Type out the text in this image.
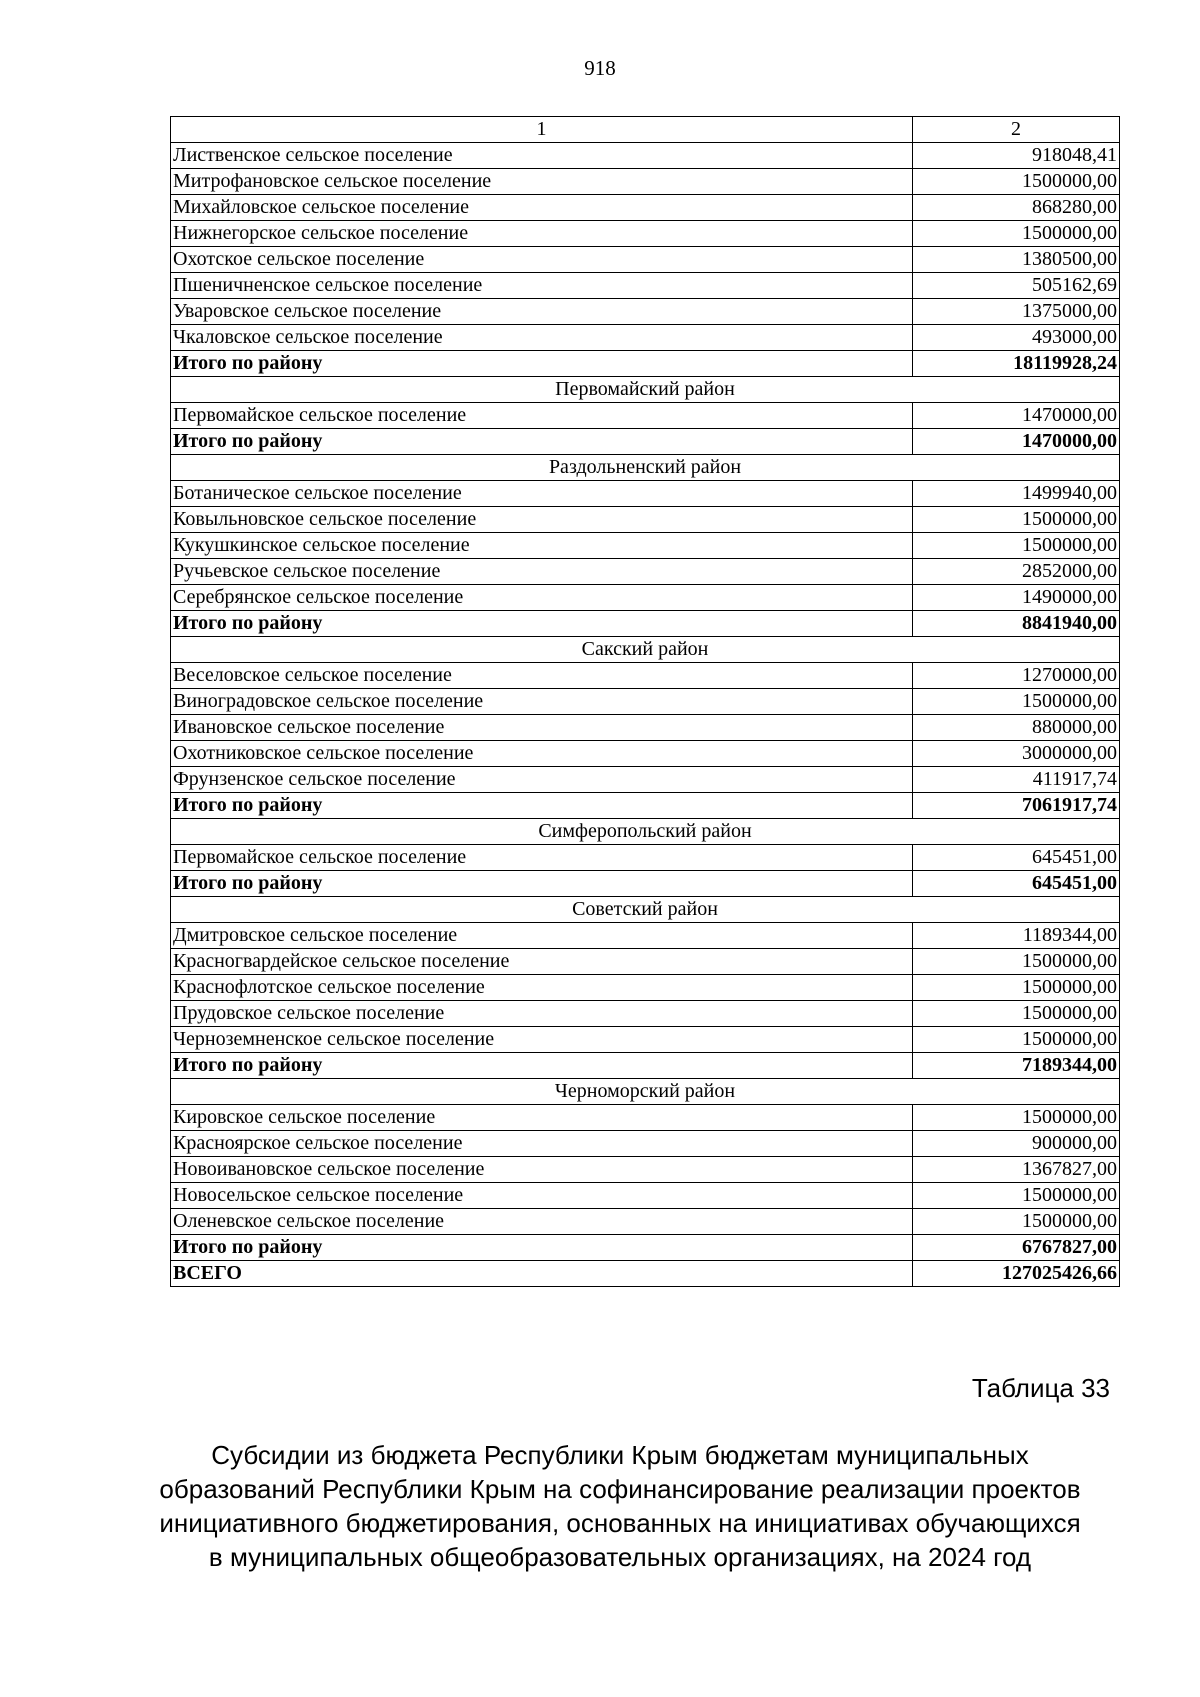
918
1	2
Лиственское сельское поселение	918048,41
Митрофановское сельское поселение	1500000,00
Михайловское сельское поселение	868280,00
Нижнегорское сельское поселение	1500000,00
Охотское сельское поселение	1380500,00
Пшеничненское сельское поселение	505162,69
Уваровское сельское поселение	1375000,00
Чкаловское сельское поселение	493000,00
Итого по району	18119928,24
Первомайский район	
Первомайское сельское поселение	1470000,00
Итого по району	1470000,00
Раздольненский район	
Ботаническое сельское поселение	1499940,00
Ковыльновское сельское поселение	1500000,00
Кукушкинское сельское поселение	1500000,00
Ручьевское сельское поселение	2852000,00
Серебрянское сельское поселение	1490000,00
Итого по району	8841940,00
Сакский район	
Веселовское сельское поселение	1270000,00
Виноградовское сельское поселение	1500000,00
Ивановское сельское поселение	880000,00
Охотниковское сельское поселение	3000000,00
Фрунзенское сельское поселение	411917,74
Итого по району	7061917,74
Симферопольский район	
Первомайское сельское поселение	645451,00
Итого по району	645451,00
Советский район	
Дмитровское сельское поселение	1189344,00
Красногвардейское сельское поселение	1500000,00
Краснофлотское сельское поселение	1500000,00
Прудовское сельское поселение	1500000,00
Черноземненское сельское поселение	1500000,00
Итого по району	7189344,00
Черноморский район	
Кировское сельское поселение	1500000,00
Красноярское сельское поселение	900000,00
Новоивановское сельское поселение	1367827,00
Новосельское сельское поселение	1500000,00
Оленевское сельское поселение	1500000,00
Итого по району	6767827,00
ВСЕГО	127025426,66
Таблица 33
Субсидии из бюджета Республики Крым бюджетам муниципальных
образований Республики Крым на софинансирование реализации проектов
инициативного бюджетирования, основанных на инициативах обучающихся
в муниципальных общеобразовательных организациях, на 2024 год
